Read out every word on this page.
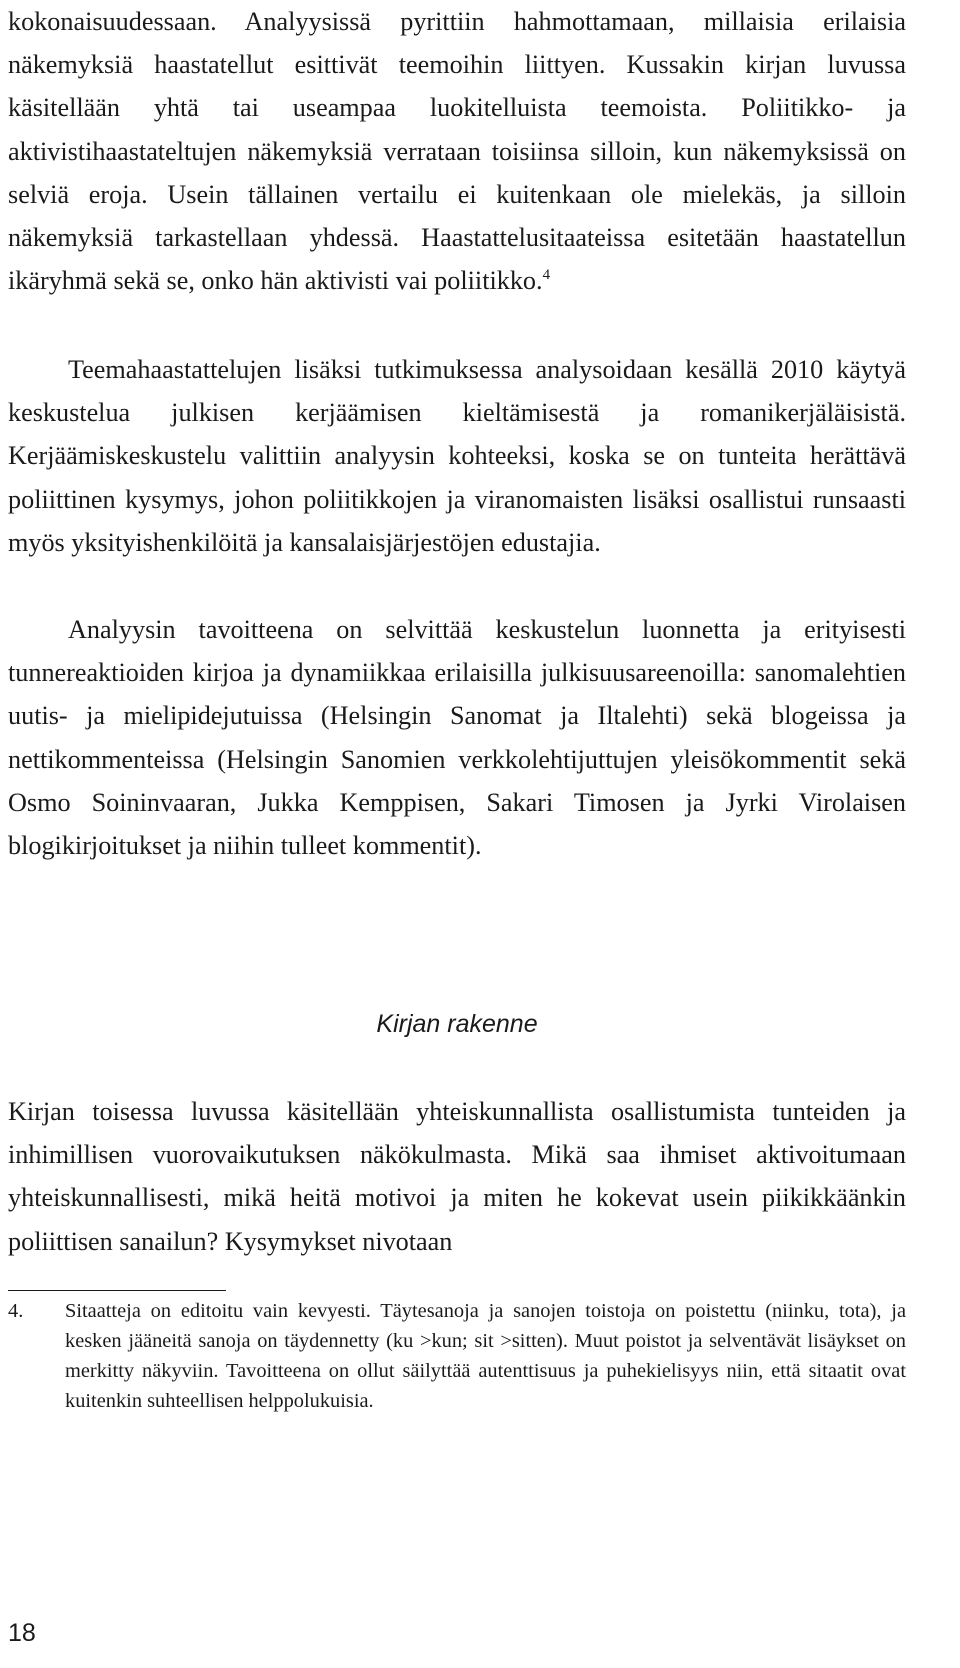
kokonaisuudessaan. Analyysissä pyrittiin hahmottamaan, millaisia erilaisia näkemyksiä haastatellut esittivät teemoihin liittyen. Kussakin kirjan luvussa käsitellään yhtä tai useampaa luokitelluista teemoista. Poliitikko- ja aktivistihaastateltujen näkemyksiä verrataan toisiinsa silloin, kun näkemyksissä on selviä eroja. Usein tällainen vertailu ei kuitenkaan ole mielekäs, ja silloin näkemyksiä tarkastellaan yhdessä. Haastattelusitaateissa esitetään haastatellun ikäryhmä sekä se, onko hän aktivisti vai poliitikko.$^4$

Teemahaastattelujen lisäksi tutkimuksessa analysoidaan kesällä 2010 käytyä keskustelua julkisen kerjäämisen kieltämisestä ja romanikerjäläisistä. Kerjäämiskeskustelu valittiin analyysin kohteeksi, koska se on tunteita herättävä poliittinen kysymys, johon poliitikkojen ja viranomaisten lisäksi osallistui runsaasti myös yksityishenkilöitä ja kansalaisjärjestöjen edustajia.

Analyysin tavoitteena on selvittää keskustelun luonnetta ja erityisesti tunnereaktioiden kirjoa ja dynamiikkaa erilaisilla julkisuusareenoilla: sanomalehtien uutis- ja mielipidejutuissa (Helsingin Sanomat ja Iltalehti) sekä blogeissa ja nettikommenteissa (Helsingin Sanomien verkkolehtijuttujen yleisökommentit sekä Osmo Soininvaaran, Jukka Kemppisen, Sakari Timosen ja Jyrki Virolaisen blogikirjoitukset ja niihin tulleet kommentit).

Kirjan rakenne

Kirjan toisessa luvussa käsitellään yhteiskunnallista osallistumista tunteiden ja inhimillisen vuorovaikutuksen näkökulmasta. Mikä saa ihmiset aktivoitumaan yhteiskunnallisesti, mikä heitä motivoi ja miten he kokevat usein piikikkäänkin poliittisen sanailun? Kysymykset nivotaan

4.	Sitaatteja on editoitu vain kevyesti. Täytesanoja ja sanojen toistoja on poistettu (niinku, tota), ja kesken jääneitä sanoja on täydennetty (ku >kun; sit >sitten). Muut poistot ja selventävät lisäykset on merkitty näkyviin. Tavoitteena on ollut säilyttää autenttisuus ja puhekielisyys niin, että sitaatit ovat kuitenkin suhteellisen helppolukuisia.
18
